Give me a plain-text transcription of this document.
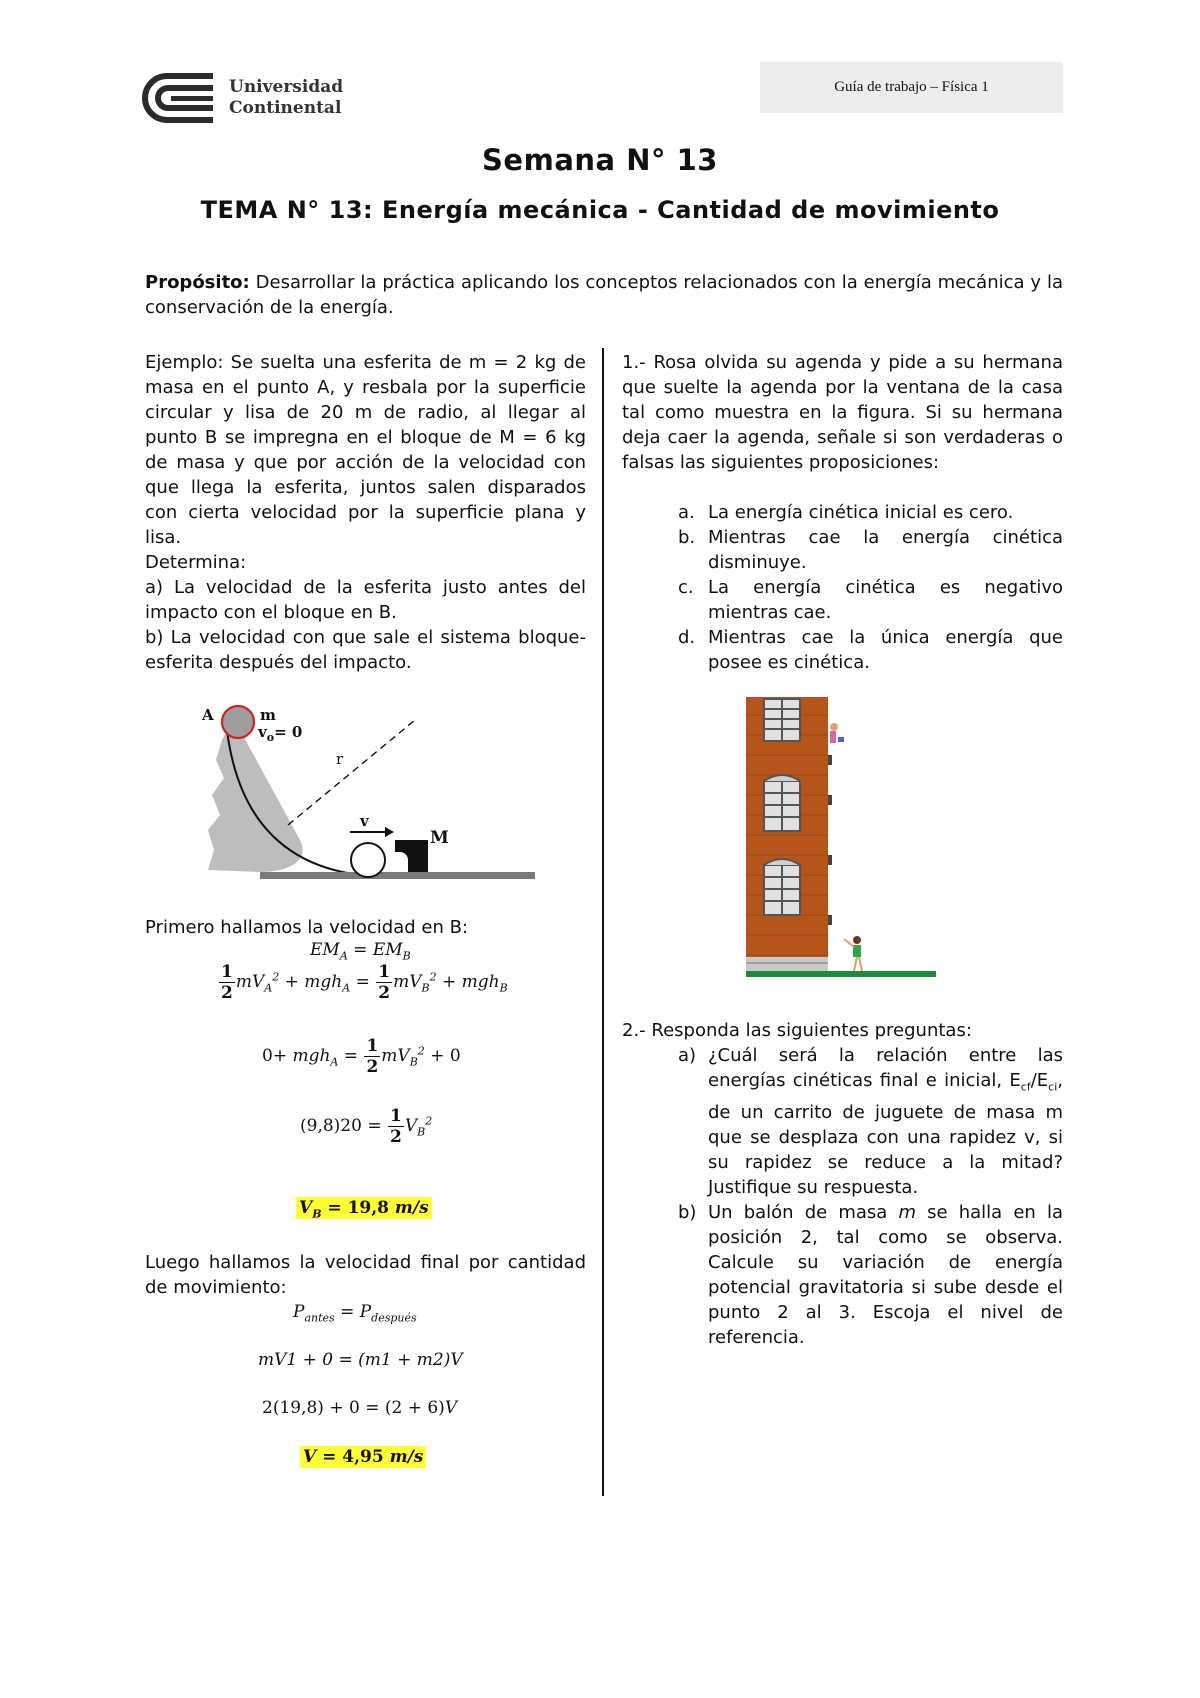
Universidad
Continental
Guía de trabajo – Física 1
Semana N° 13
TEMA N° 13: Energía mecánica - Cantidad de movimiento
Propósito: Desarrollar la práctica aplicando los conceptos relacionados con la energía mecánica y la conservación de la energía.
Ejemplo: Se suelta una esferita de m = 2 kg de masa en el punto A, y resbala por la superficie circular y lisa de 20 m de radio, al llegar al punto B se impregna en el bloque de M = 6 kg de masa y que por acción de la velocidad con que llega la esferita, juntos salen disparados con cierta velocidad por la superficie plana y lisa.
Determina:
a) La velocidad de la esferita justo antes del impacto con el bloque en B.
b) La velocidad con que sale el sistema bloque-esferita después del impacto.
A	m
$v_o= 0$
r
v
M
Primero hallamos la velocidad en B:
$EM_A = EM_B$
$\frac{1}{2} mV_A^2 + mgh_A = \frac{1}{2} mV_B^2 + mgh_B$
$0+ mgh_A = \frac{1}{2} mV_B^2 + 0$
$(9,8)20 = \frac{1}{2} V_B^2$
$V_B = 19,8$ m/s
Luego hallamos la velocidad final por cantidad de movimiento:
$P_{antes} = P_{después}$
mV1 + 0 = (m1 + m2)V
2(19,8) + 0 = (2 + 6)V
V = 4,95 m/s
1.- Rosa olvida su agenda y pide a su hermana que suelte la agenda por la ventana de la casa tal como muestra en la figura. Si su hermana deja caer la agenda, señale si son verdaderas o falsas las siguientes proposiciones:
a. La energía cinética inicial es cero.
b. Mientras cae la energía cinética disminuye.
c. La energía cinética es negativo mientras cae.
d. Mientras cae la única energía que posee es cinética.
2.- Responda las siguientes preguntas:
a) ¿Cuál será la relación entre las energías cinéticas final e inicial, $E_{cf}/E_{ci}$, de un carrito de juguete de masa m que se desplaza con una rapidez v, si su rapidez se reduce a la mitad? Justifique su respuesta.
b) Un balón de masa m se halla en la posición 2, tal como se observa. Calcule su variación de energía potencial gravitatoria si sube desde el punto 2 al 3. Escoja el nivel de referencia.
